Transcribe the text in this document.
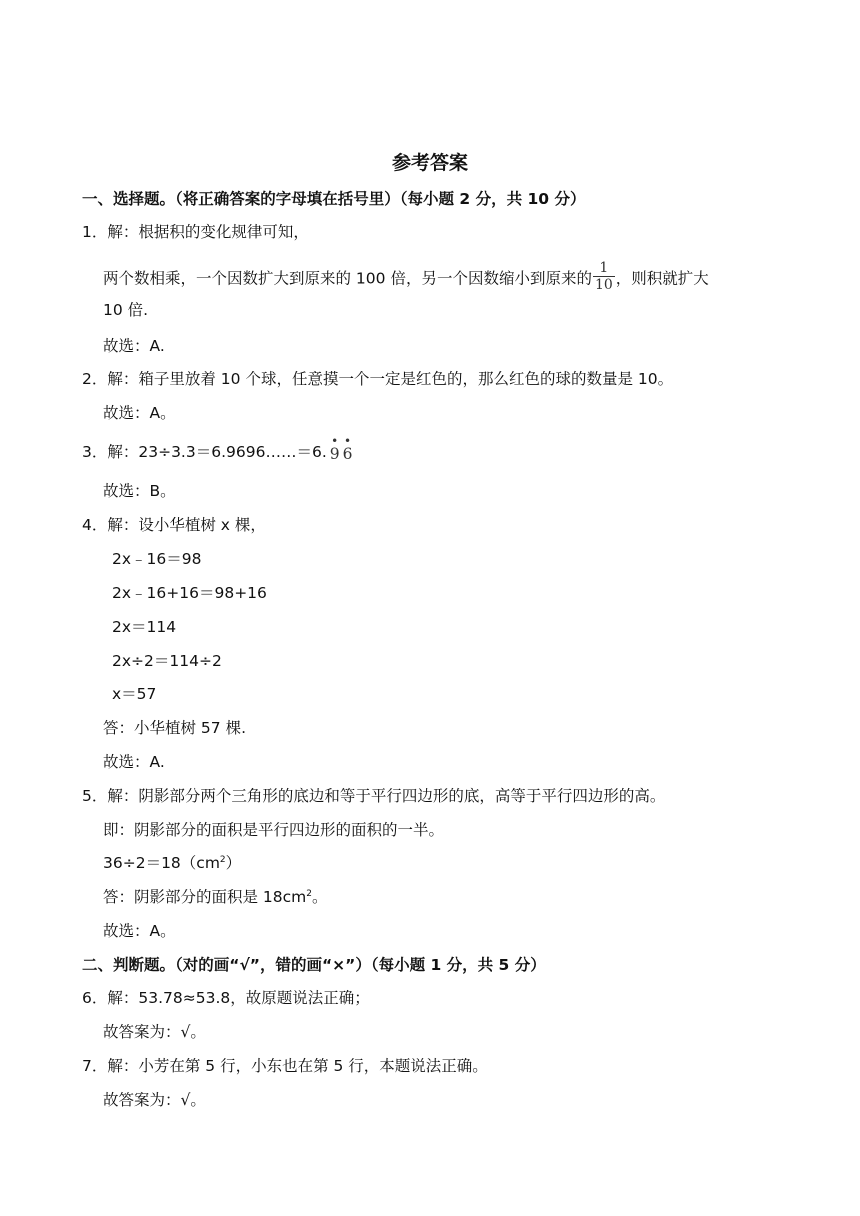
参考答案
一、选择题。（将正确答案的字母填在括号里）（每小题 2 分，共 10 分）
1．解：根据积的变化规律可知，
两个数相乘，一个因数扩大到原来的 100 倍，另一个因数缩小到原来的 $\frac{1}{10}$ ，则积就扩大
10 倍.
故选：A.
2．解：箱子里放着 10 个球，任意摸一个一定是红色的，那么红色的球的数量是 10。
故选：A。
3．解：23÷3.3＝6.9696……＝6.
•
9
•
6
故选：B。
4．解：设小华植树 x 棵，
2x﹣16＝98
2x﹣16+16＝98+16
2x＝114
2x÷2＝114÷2
x＝57
答：小华植树 57 棵.
故选：A.
5．解：阴影部分两个三角形的底边和等于平行四边形的底，高等于平行四边形的高。
即：阴影部分的面积是平行四边形的面积的一半。
$36\div 2=18(cm^2)$
答：阴影部分的面积是 $18cm^2$。
故选：A。
二、判断题。（对的画“√”，错的画“×”）（每小题 1 分，共 5 分）
6．解：53.78≈53.8，故原题说法正确；
故答案为：√。
7．解：小芳在第 5 行，小东也在第 5 行，本题说法正确。
故答案为：√。
